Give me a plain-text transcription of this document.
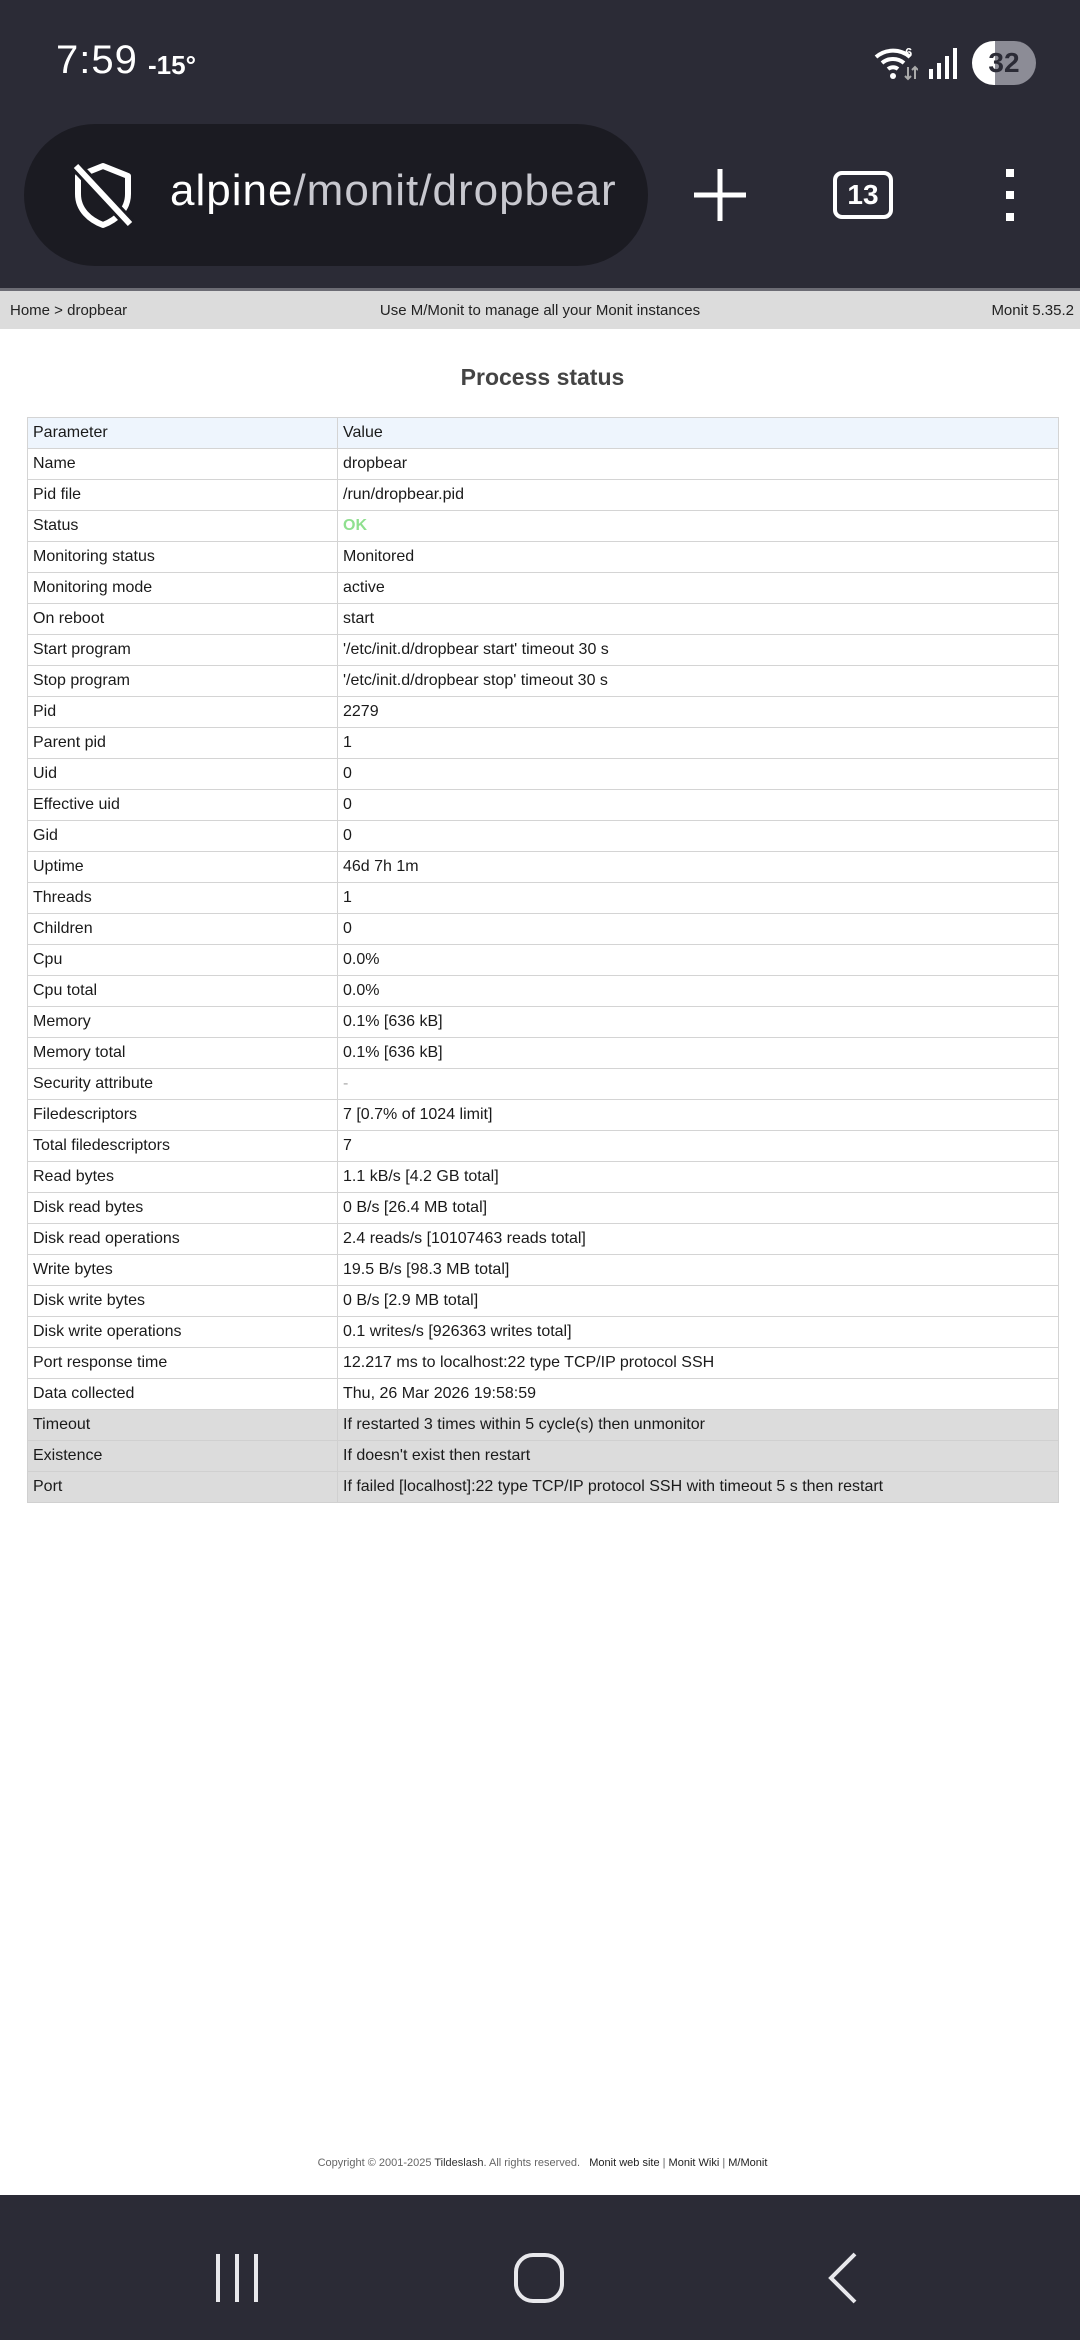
7:59 -15°	6	32
alpine/monit/dropbear	13
Home > dropbear	Use M/Monit to manage all your Monit instances	Monit 5.35.2
Process status
Parameter	Value
Name	dropbear
Pid file	/run/dropbear.pid
Status	OK
Monitoring status	Monitored
Monitoring mode	active
On reboot	start
Start program	'/etc/init.d/dropbear start' timeout 30 s
Stop program	'/etc/init.d/dropbear stop' timeout 30 s
Pid	2279
Parent pid	1
Uid	0
Effective uid	0
Gid	0
Uptime	46d 7h 1m
Threads	1
Children	0
Cpu	0.0%
Cpu total	0.0%
Memory	0.1% [636 kB]
Memory total	0.1% [636 kB]
Security attribute	-
Filedescriptors	7 [0.7% of 1024 limit]
Total filedescriptors	7
Read bytes	1.1 kB/s [4.2 GB total]
Disk read bytes	0 B/s [26.4 MB total]
Disk read operations	2.4 reads/s [10107463 reads total]
Write bytes	19.5 B/s [98.3 MB total]
Disk write bytes	0 B/s [2.9 MB total]
Disk write operations	0.1 writes/s [926363 writes total]
Port response time	12.217 ms to localhost:22 type TCP/IP protocol SSH
Data collected	Thu, 26 Mar 2026 19:58:59
Timeout	If restarted 3 times within 5 cycle(s) then unmonitor
Existence	If doesn't exist then restart
Port	If failed [localhost]:22 type TCP/IP protocol SSH with timeout 5 s then restart
Copyright © 2001-2025 Tildeslash. All rights reserved. Monit web site | Monit Wiki | M/Monit
